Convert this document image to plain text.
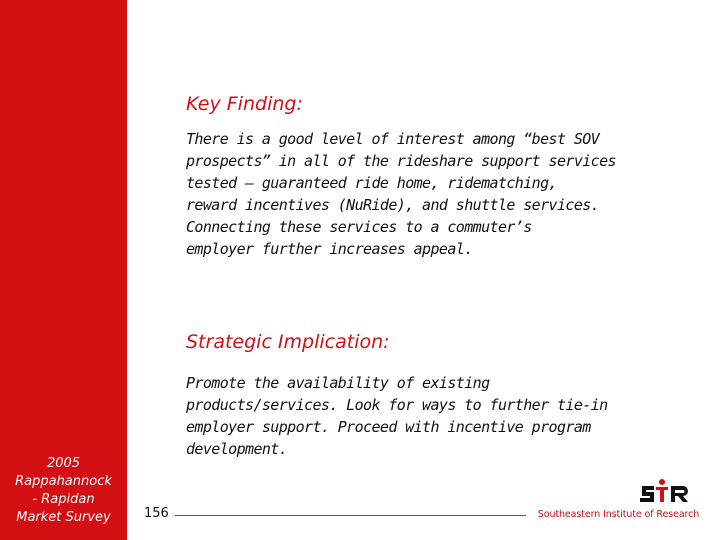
2005
Rappahannock
- Rapidan
Market Survey
Key Finding:
There is a good level of interest among “best SOV
prospects” in all of the rideshare support services
tested – guaranteed ride home, ridematching,
reward incentives (NuRide), and shuttle services.
Connecting these services to a commuter’s
employer further increases appeal.
Strategic Implication:
Promote the availability of existing
products/services. Look for ways to further tie-in
employer support. Proceed with incentive program
development.
156	Southeastern Institute of Research
